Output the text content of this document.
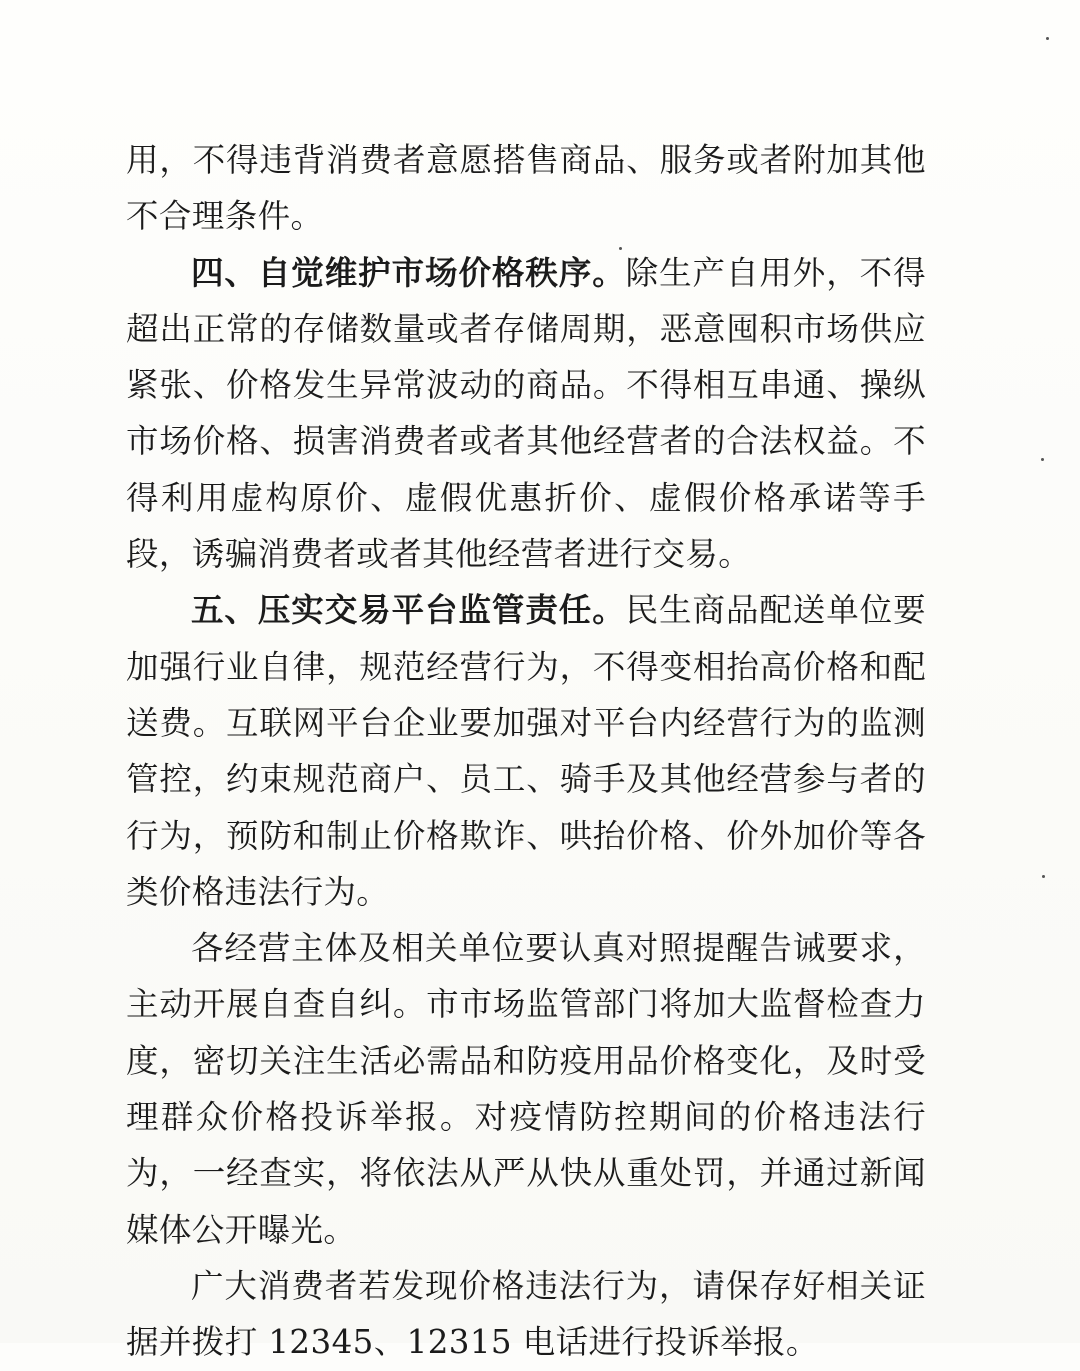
用，不得违背消费者意愿搭售商品、服务或者附加其他不合理条件。

四、自觉维护市场价格秩序。除生产自用外，不得超出正常的存储数量或者存储周期，恶意囤积市场供应紧张、价格发生异常波动的商品。不得相互串通、操纵市场价格、损害消费者或者其他经营者的合法权益。不得利用虚构原价、虚假优惠折价、虚假价格承诺等手段，诱骗消费者或者其他经营者进行交易。

五、压实交易平台监管责任。民生商品配送单位要加强行业自律，规范经营行为，不得变相抬高价格和配送费。互联网平台企业要加强对平台内经营行为的监测管控，约束规范商户、员工、骑手及其他经营参与者的行为，预防和制止价格欺诈、哄抬价格、价外加价等各类价格违法行为。

各经营主体及相关单位要认真对照提醒告诫要求，主动开展自查自纠。市市场监管部门将加大监督检查力度，密切关注生活必需品和防疫用品价格变化，及时受理群众价格投诉举报。对疫情防控期间的价格违法行为，一经查实，将依法从严从快从重处罚，并通过新闻媒体公开曝光。

广大消费者若发现价格违法行为，请保存好相关证据并拨打 12345、12315 电话进行投诉举报。
